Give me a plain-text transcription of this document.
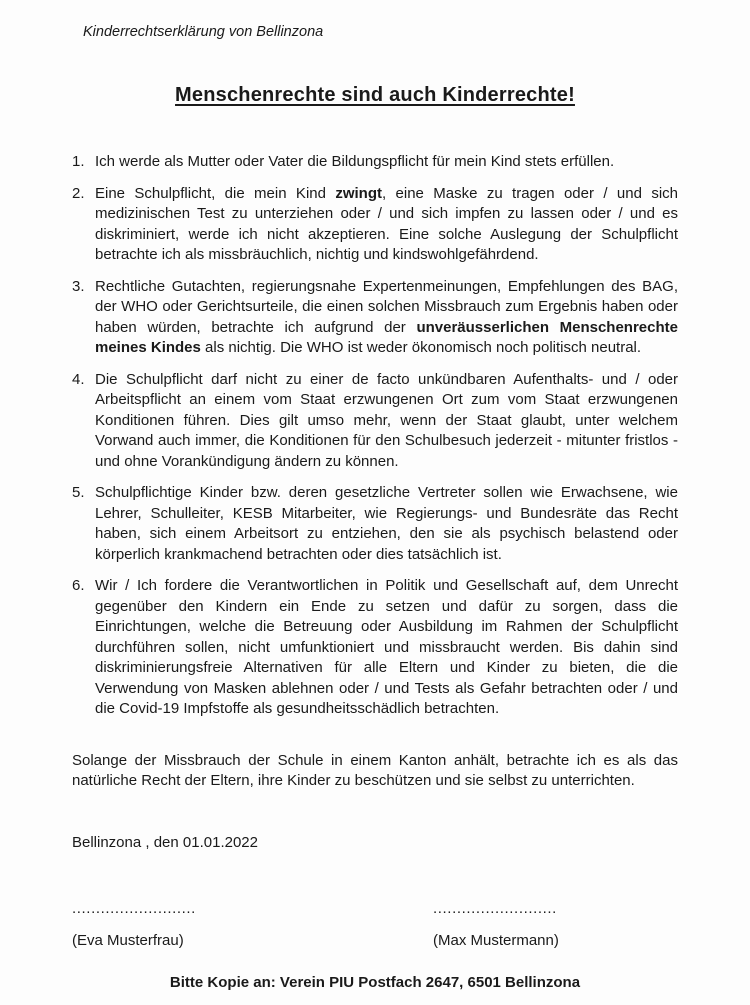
Kinderrechtserklärung von Bellinzona
Menschenrechte sind auch Kinderrechte!
1. Ich werde als Mutter oder Vater die Bildungspflicht für mein Kind stets erfüllen.
2. Eine Schulpflicht, die mein Kind zwingt, eine Maske zu tragen oder / und sich medizinischen Test zu unterziehen oder / und sich impfen zu lassen oder / und es diskriminiert, werde ich nicht akzeptieren. Eine solche Auslegung der Schulpflicht betrachte ich als missbräuchlich, nichtig und kindswohlgefährdend.
3. Rechtliche Gutachten, regierungsnahe Expertenmeinungen, Empfehlungen des BAG, der WHO oder Gerichtsurteile, die einen solchen Missbrauch zum Ergebnis haben oder haben würden, betrachte ich aufgrund der unveräusserlichen Menschenrechte meines Kindes als nichtig. Die WHO ist weder ökonomisch noch politisch neutral.
4. Die Schulpflicht darf nicht zu einer de facto unkündbaren Aufenthalts- und / oder Arbeitspflicht an einem vom Staat erzwungenen Ort zum vom Staat erzwungenen Konditionen führen. Dies gilt umso mehr, wenn der Staat glaubt, unter welchem Vorwand auch immer, die Konditionen für den Schulbesuch jederzeit - mitunter fristlos - und ohne Vorankündigung ändern zu können.
5. Schulpflichtige Kinder bzw. deren gesetzliche Vertreter sollen wie Erwachsene, wie Lehrer, Schulleiter, KESB Mitarbeiter, wie Regierungs- und Bundesräte das Recht haben, sich einem Arbeitsort zu entziehen, den sie als psychisch belastend oder körperlich krankmachend betrachten oder dies tatsächlich ist.
6. Wir / Ich fordere die Verantwortlichen in Politik und Gesellschaft auf, dem Unrecht gegenüber den Kindern ein Ende zu setzen und dafür zu sorgen, dass die Einrichtungen, welche die Betreuung oder Ausbildung im Rahmen der Schulpflicht durchführen sollen, nicht umfunktioniert und missbraucht werden. Bis dahin sind diskriminierungsfreie Alternativen für alle Eltern und Kinder zu bieten, die die Verwendung von Masken ablehnen oder / und Tests als Gefahr betrachten oder / und die Covid-19 Impfstoffe als gesundheitsschädlich betrachten.

Solange der Missbrauch der Schule in einem Kanton anhält, betrachte ich es als das natürliche Recht der Eltern, ihre Kinder zu beschützen und sie selbst zu unterrichten.

Bellinzona , den 01.01.2022

..........................
(Eva Musterfrau)
..........................
(Max Mustermann)
Bitte Kopie an: Verein PIU Postfach 2647, 6501 Bellinzona
